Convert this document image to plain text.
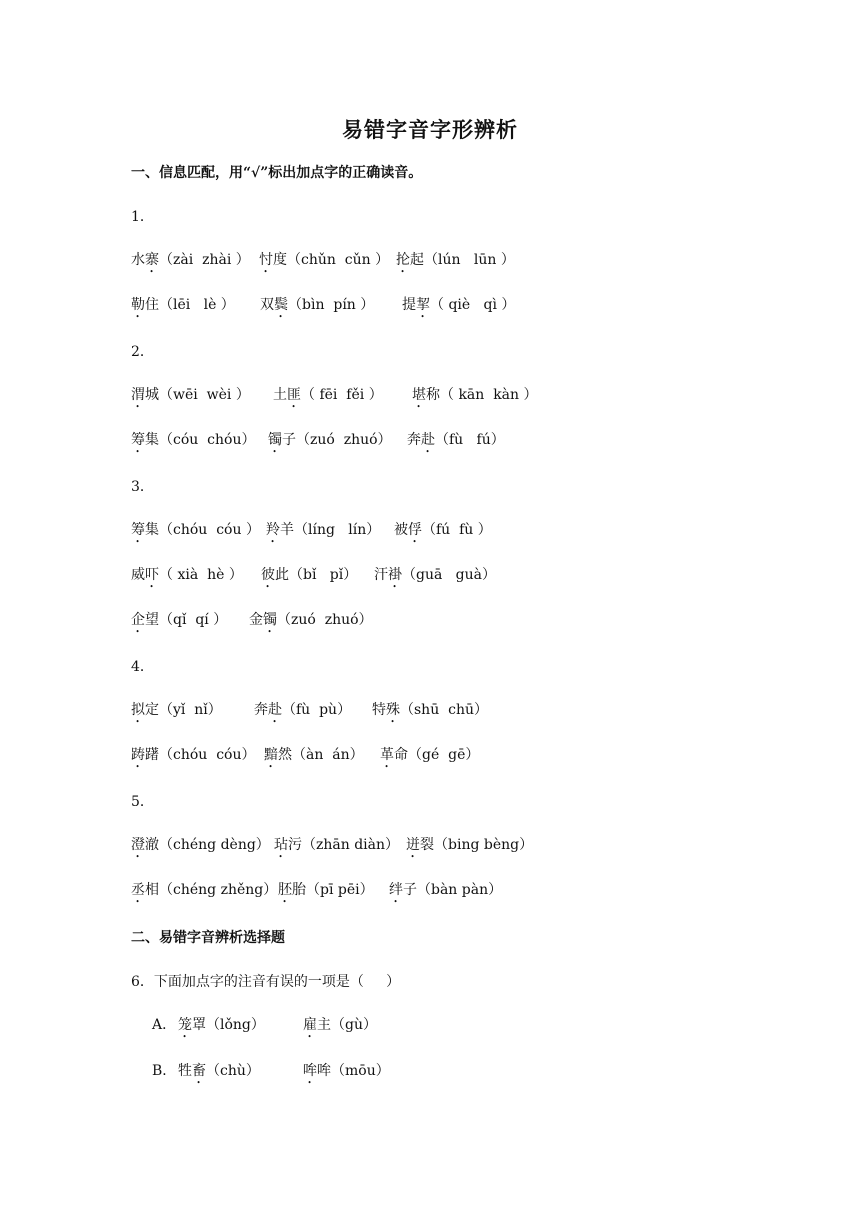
易错字音字形辨析
一、信息匹配，用“√”标出加点字的正确读音。
1．
水寨（zài  zhài ） 忖度（chǔn  cǔn ） 抡起（lún   lūn ）
勒住（lēi   lè ） 双鬓（bìn  pín ） 提挈（ qiè   qì ）
2．
渭城（wēi  wèi ） 土匪（ fēi  fěi ） 堪称（ kān  kàn ）
筹集（cóu  chóu） 镯子（zuó  zhuó） 奔赴（fù   fú）
3．
筹集（chóu  cóu ） 羚羊（líng   lín） 被俘（fú  fù ）
威吓（ xià  hè ） 彼此（bǐ   pǐ） 汗褂（guā   guà）
企望（qǐ  qí ） 金镯（zuó  zhuó）
4．
拟定（yǐ  nǐ） 奔赴（fù  pù） 特殊（shū  chū）
踌躇（chóu  cóu） 黯然（àn  án） 革命（gé  gē）
5．
澄澈（chéng dèng） 玷污（zhān diàn） 迸裂（bing bèng）
丞相（chéng zhěng） 胚胎（pī pēi） 绊子（bàn pàn）
二、易错字音辨析选择题
6．下面加点字的注音有误的一项是（     ）
A． 笼罩（lǒng）	雇主（gù）
B． 牲畜（chù）	哞哞（mōu）
